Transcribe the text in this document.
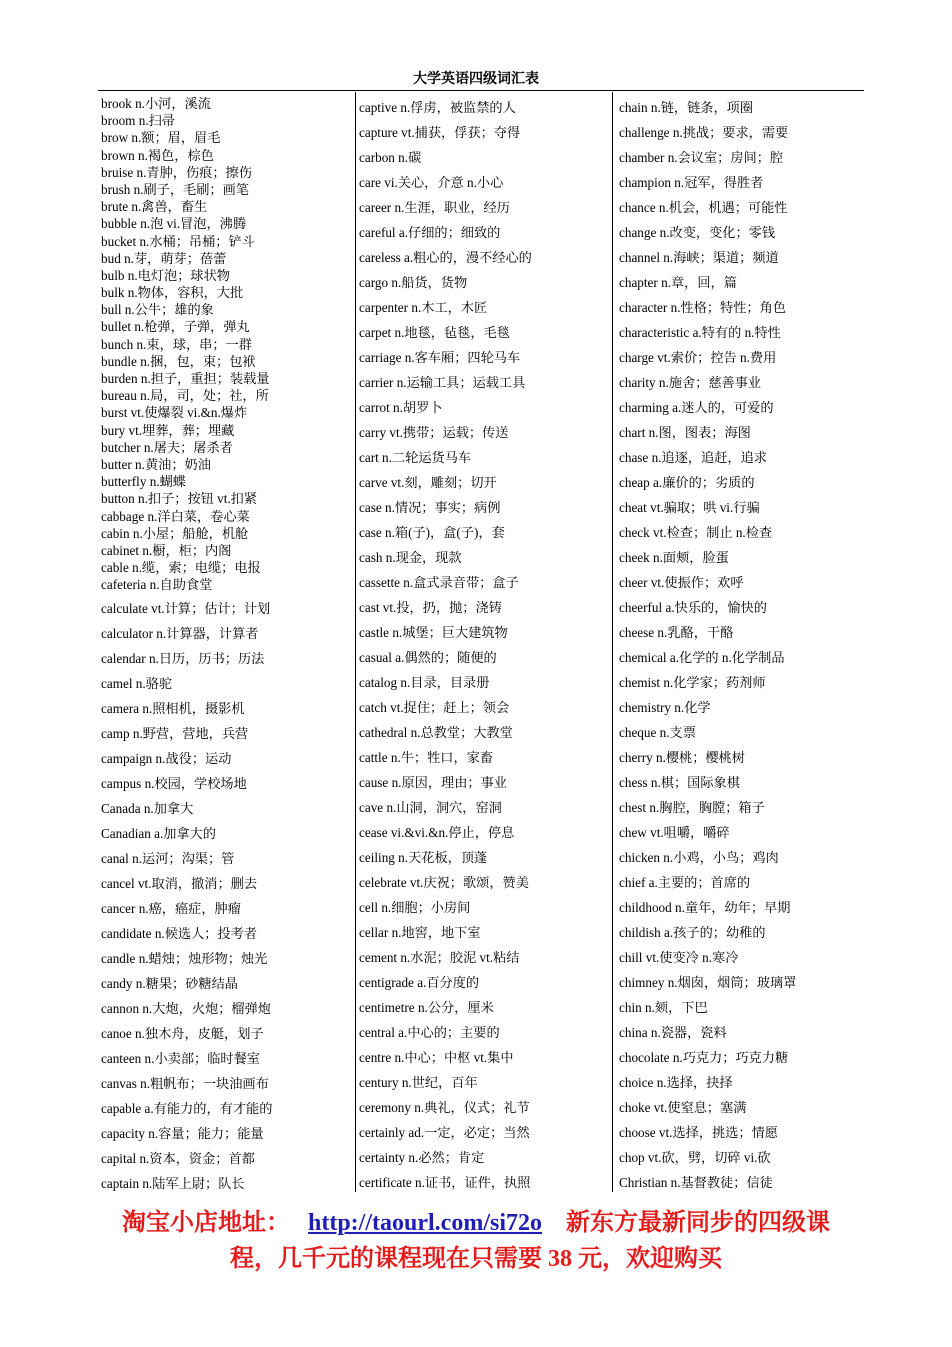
大学英语四级词汇表
brook n.小河，溪流
broom n.扫帚
brow n.额；眉，眉毛
brown n.褐色，棕色
bruise n.青肿，伤痕；擦伤
brush n.刷子，毛刷；画笔
brute n.禽兽，畜生
bubble n.泡 vi.冒泡，沸腾
bucket n.水桶；吊桶；铲斗
bud n.芽，萌芽；蓓蕾
bulb n.电灯泡；球状物
bulk n.物体，容积，大批
bull n.公牛；雄的象
bullet n.枪弹，子弹，弹丸
bunch n.束，球，串；一群
bundle n.捆，包，束；包袱
burden n.担子，重担；装载量
bureau n.局，司，处；社，所
burst vt.使爆裂 vi.&n.爆炸
bury vt.埋葬，葬；埋藏
butcher n.屠夫；屠杀者
butter n.黄油；奶油
butterfly n.蝴蝶
button n.扣子；按钮 vt.扣紧
cabbage n.洋白菜，卷心菜
cabin n.小屋；船舱，机舱
cabinet n.橱，柜；内阁
cable n.缆，索；电缆；电报
cafeteria n.自助食堂
calculate vt.计算；估计；计划
calculator n.计算器，计算者
calendar n.日历，历书；历法
camel n.骆驼
camera n.照相机，摄影机
camp n.野营，营地，兵营
campaign n.战役；运动
campus n.校园，学校场地
Canada n.加拿大
Canadian a.加拿大的
canal n.运河；沟渠；管
cancel vt.取消，撤消；删去
cancer n.癌，癌症，肿瘤
candidate n.候选人；投考者
candle n.蜡烛；烛形物；烛光
candy n.糖果；砂糖结晶
cannon n.大炮，火炮；榴弹炮
canoe n.独木舟，皮艇，划子
canteen n.小卖部；临时餐室
canvas n.粗帆布；一块油画布
capable a.有能力的，有才能的
capacity n.容量；能力；能量
capital n.资本，资金；首都
captain n.陆军上尉；队长
captive n.俘虏，被监禁的人
capture vt.捕获，俘获；夺得
carbon n.碳
care vi.关心，介意 n.小心
career n.生涯，职业，经历
careful a.仔细的；细致的
careless a.粗心的，漫不经心的
cargo n.船货，货物
carpenter n.木工，木匠
carpet n.地毯，毡毯，毛毯
carriage n.客车厢；四轮马车
carrier n.运输工具；运载工具
carrot n.胡罗卜
carry vt.携带；运载；传送
cart n.二轮运货马车
carve vt.刻，雕刻；切开
case n.情况；事实；病例
case n.箱(子)，盒(子)，套
cash n.现金，现款
cassette n.盒式录音带；盒子
cast vt.投，扔，抛；浇铸
castle n.城堡；巨大建筑物
casual a.偶然的；随便的
catalog n.目录，目录册
catch vt.捉住；赶上；领会
cathedral n.总教堂；大教堂
cattle n.牛；牲口，家畜
cause n.原因，理由；事业
cave n.山洞，洞穴，窑洞
cease vi.&vi.&n.停止，停息
ceiling n.天花板，顶蓬
celebrate vt.庆祝；歌颂，赞美
cell n.细胞；小房间
cellar n.地窖，地下室
cement n.水泥；胶泥 vt.粘结
centigrade a.百分度的
centimetre n.公分，厘米
central a.中心的；主要的
centre n.中心；中枢 vt.集中
century n.世纪，百年
ceremony n.典礼，仪式；礼节
certainly ad.一定，必定；当然
certainty n.必然；肯定
certificate n.证书，证件，执照
chain n.链，链条，项圈
challenge n.挑战；要求，需要
chamber n.会议室；房间；腔
champion n.冠军，得胜者
chance n.机会，机遇；可能性
change n.改变，变化；零钱
channel n.海峡；渠道；频道
chapter n.章，回，篇
character n.性格；特性；角色
characteristic a.特有的 n.特性
charge vt.索价；控告 n.费用
charity n.施舍；慈善事业
charming a.迷人的，可爱的
chart n.图，图表；海图
chase n.追逐，追赶，追求
cheap a.廉价的；劣质的
cheat vt.骗取；哄 vi.行骗
check vt.检查；制止 n.检查
cheek n.面颊，脸蛋
cheer vt.使振作；欢呼
cheerful a.快乐的，愉快的
cheese n.乳酪，干酪
chemical a.化学的 n.化学制品
chemist n.化学家；药剂师
chemistry n.化学
cheque n.支票
cherry n.樱桃；樱桃树
chess n.棋；国际象棋
chest n.胸腔，胸膛；箱子
chew vt.咀嚼，嚼碎
chicken n.小鸡，小鸟；鸡肉
chief a.主要的；首席的
childhood n.童年，幼年；早期
childish a.孩子的；幼稚的
chill vt.使变冷 n.寒冷
chimney n.烟囱，烟筒；玻璃罩
chin n.颏，下巴
china n.瓷器，瓷料
chocolate n.巧克力；巧克力糖
choice n.选择，抉择
choke vt.使窒息；塞满
choose vt.选择，挑选；情愿
chop vt.砍，劈，切碎 vi.砍
Christian n.基督教徒；信徒
淘宝小店地址： http://taourl.com/si72o 新东方最新同步的四级课
程，几千元的课程现在只需要 38 元，欢迎购买
